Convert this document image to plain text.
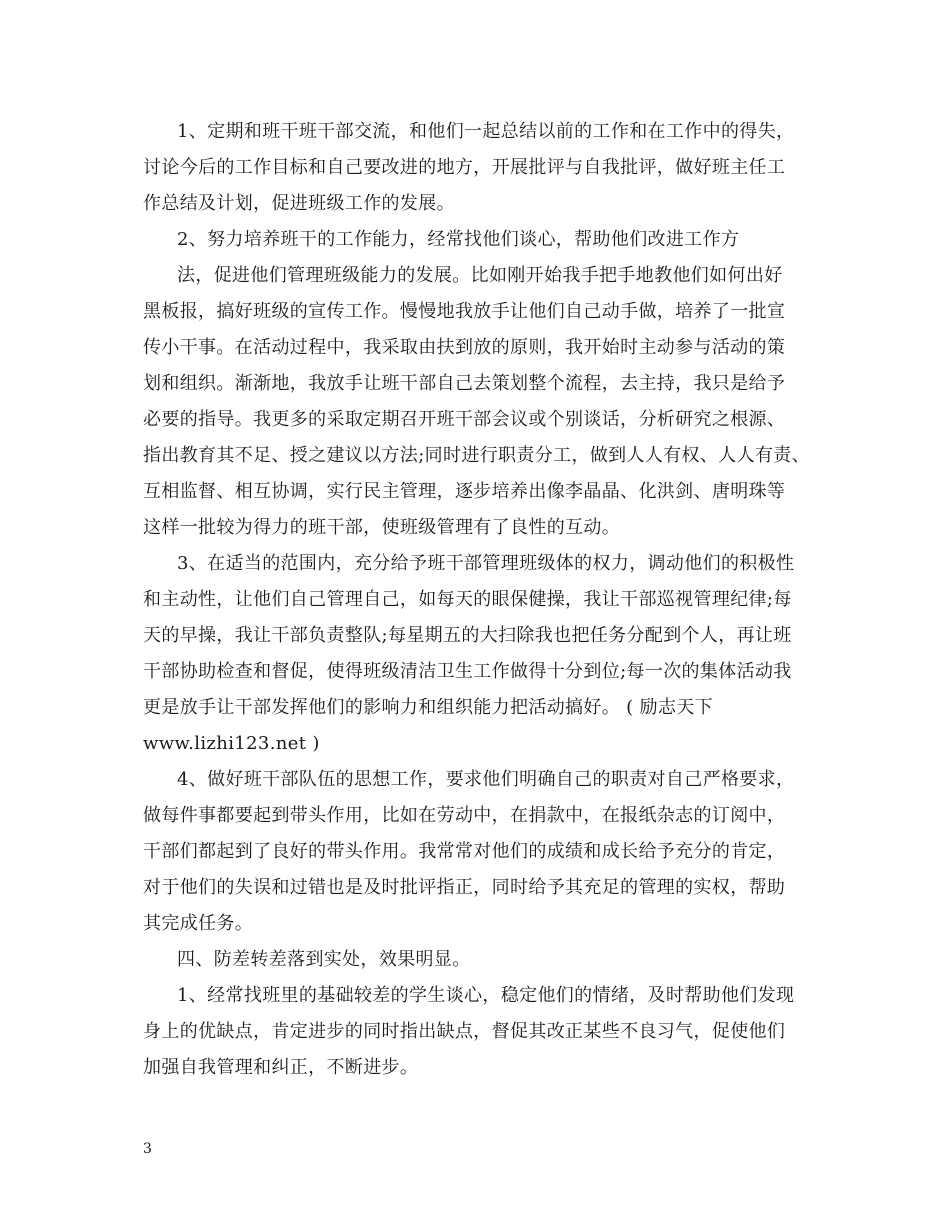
1、定期和班干班干部交流，和他们一起总结以前的工作和在工作中的得失，
讨论今后的工作目标和自己要改进的地方，开展批评与自我批评，做好班主任工
作总结及计划，促进班级工作的发展。
2、努力培养班干的工作能力，经常找他们谈心，帮助他们改进工作方
法，促进他们管理班级能力的发展。比如刚开始我手把手地教他们如何出好
黑板报，搞好班级的宣传工作。慢慢地我放手让他们自己动手做，培养了一批宣
传小干事。在活动过程中，我采取由扶到放的原则，我开始时主动参与活动的策
划和组织。渐渐地，我放手让班干部自己去策划整个流程，去主持，我只是给予
必要的指导。我更多的采取定期召开班干部会议或个别谈话，分析研究之根源、
指出教育其不足、授之建议以方法;同时进行职责分工，做到人人有权、人人有责、
互相监督、相互协调，实行民主管理，逐步培养出像李晶晶、化洪剑、唐明珠等
这样一批较为得力的班干部，使班级管理有了良性的互动。
3、在适当的范围内，充分给予班干部管理班级体的权力，调动他们的积极性
和主动性，让他们自己管理自己，如每天的眼保健操，我让干部巡视管理纪律;每
天的早操，我让干部负责整队;每星期五的大扫除我也把任务分配到个人，再让班
干部协助检查和督促，使得班级清洁卫生工作做得十分到位;每一次的集体活动我
更是放手让干部发挥他们的影响力和组织能力把活动搞好。 ( 励志天下
www.lizhi123.net )
4、做好班干部队伍的思想工作，要求他们明确自己的职责对自己严格要求，
做每件事都要起到带头作用，比如在劳动中，在捐款中，在报纸杂志的订阅中，
干部们都起到了良好的带头作用。我常常对他们的成绩和成长给予充分的肯定，
对于他们的失误和过错也是及时批评指正，同时给予其充足的管理的实权，帮助
其完成任务。
四、防差转差落到实处，效果明显。
1、经常找班里的基础较差的学生谈心，稳定他们的情绪，及时帮助他们发现
身上的优缺点，肯定进步的同时指出缺点，督促其改正某些不良习气，促使他们
加强自我管理和纠正，不断进步。
3
